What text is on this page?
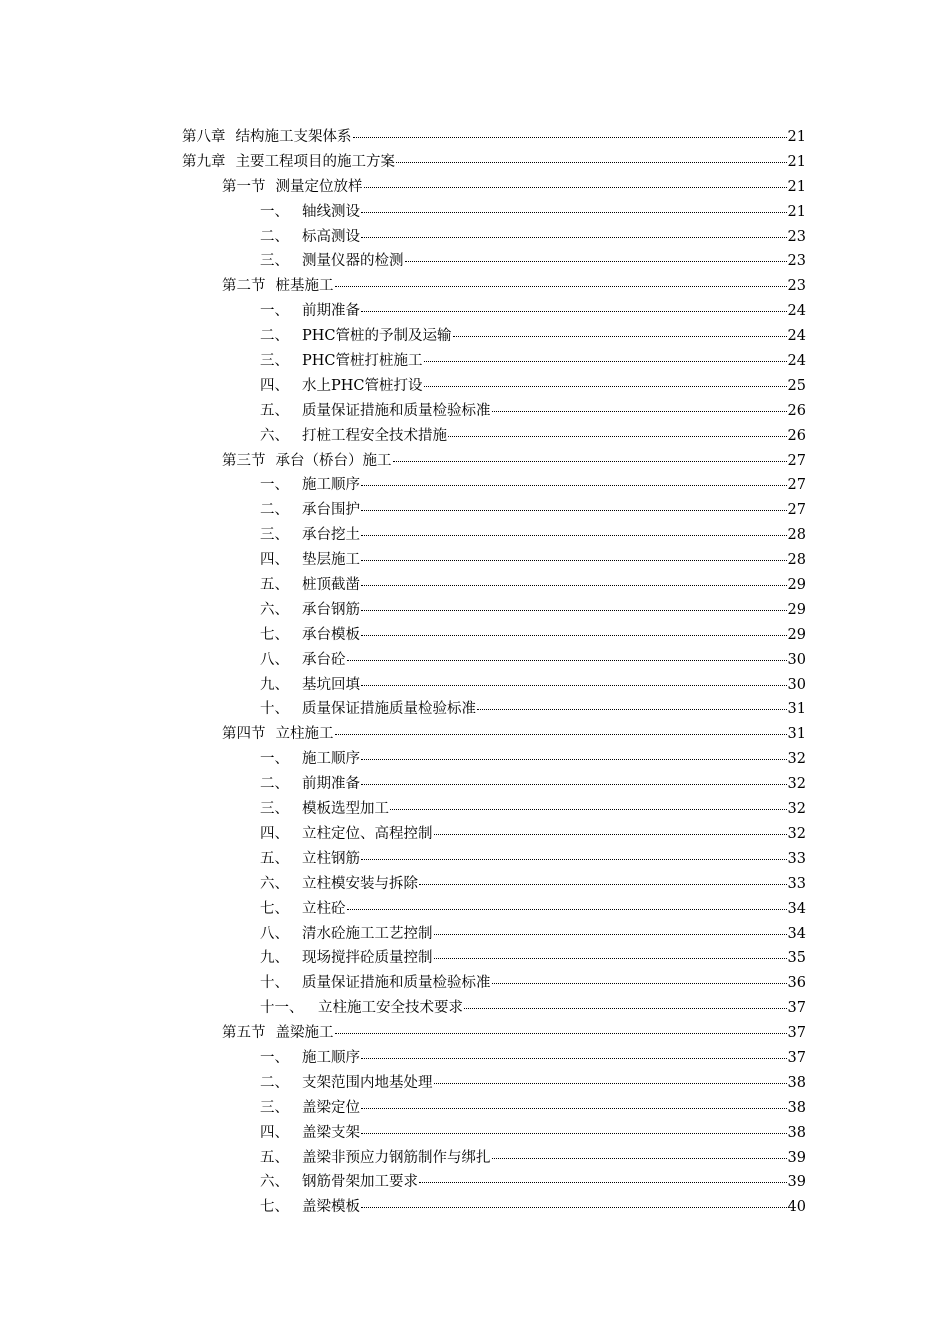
第八章 结构施工支架体系	21
第九章 主要工程项目的施工方案	21
第一节 测量定位放样	21
一、 轴线测设	21
二、 标高测设	23
三、 测量仪器的检测	23
第二节 桩基施工	23
一、 前期准备	24
二、 PHC管桩的予制及运输	24
三、 PHC管桩打桩施工	24
四、 水上PHC管桩打设	25
五、 质量保证措施和质量检验标准	26
六、 打桩工程安全技术措施	26
第三节 承台（桥台）施工	27
一、 施工顺序	27
二、 承台围护	27
三、 承台挖土	28
四、 垫层施工	28
五、 桩顶截凿	29
六、 承台钢筋	29
七、 承台模板	29
八、 承台砼	30
九、 基坑回填	30
十、 质量保证措施质量检验标准	31
第四节 立柱施工	31
一、 施工顺序	32
二、 前期准备	32
三、 模板选型加工	32
四、 立柱定位、高程控制	32
五、 立柱钢筋	33
六、 立柱模安装与拆除	33
七、 立柱砼	34
八、 清水砼施工工艺控制	34
九、 现场搅拌砼质量控制	35
十、 质量保证措施和质量检验标准	36
十一、	立柱施工安全技术要求	37
第五节 盖梁施工	37
一、 施工顺序	37
二、 支架范围内地基处理	38
三、 盖梁定位	38
四、 盖梁支架	38
五、 盖梁非预应力钢筋制作与绑扎	39
六、 钢筋骨架加工要求	39
七、 盖梁模板	40
